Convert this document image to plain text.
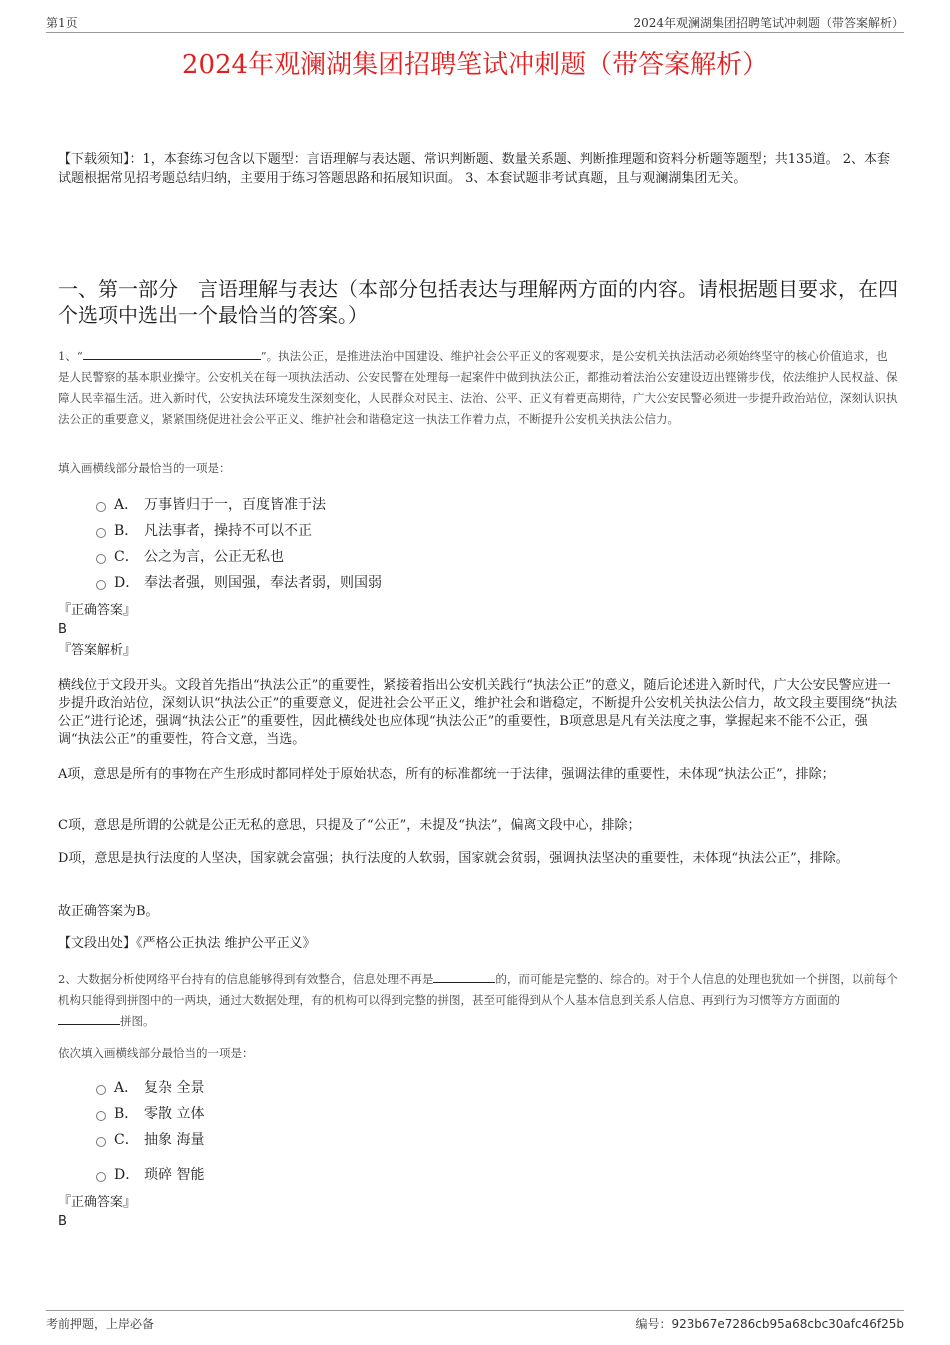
第1页	2024年观澜湖集团招聘笔试冲刺题（带答案解析）
2024年观澜湖集团招聘笔试冲刺题（带答案解析）
【下载须知】：1，本套练习包含以下题型：言语理解与表达题、常识判断题、数量关系题、判断推理题和资料分析题等题型；共135道。 2、本套试题根据常见招考题总结归纳，主要用于练习答题思路和拓展知识面。 3、本套试题非考试真题，且与观澜湖集团无关。
一、第一部分　言语理解与表达（本部分包括表达与理解两方面的内容。请根据题目要求，在四个选项中选出一个最恰当的答案。）
1、“	”。执法公正，是推进法治中国建设、维护社会公平正义的客观要求，是公安机关执法活动必须始终坚守的核心价值追求，也是人民警察的基本职业操守。公安机关在每一项执法活动、公安民警在处理每一起案件中做到执法公正，都推动着法治公安建设迈出铿锵步伐，依法维护人民权益、保障人民幸福生活。进入新时代，公安执法环境发生深刻变化，人民群众对民主、法治、公平、正义有着更高期待，广大公安民警必须进一步提升政治站位，深刻认识执法公正的重要意义，紧紧围绕促进社会公平正义、维护社会和谐稳定这一执法工作着力点，不断提升公安机关执法公信力。
填入画横线部分最恰当的一项是：
A． 万事皆归于一，百度皆准于法
B． 凡法事者，操持不可以不正
C． 公之为言，公正无私也
D． 奉法者强，则国强，奉法者弱，则国弱
『正确答案』
B
『答案解析』
横线位于文段开头。文段首先指出“执法公正”的重要性，紧接着指出公安机关践行“执法公正”的意义，随后论述进入新时代，广大公安民警应进一步提升政治站位，深刻认识“执法公正”的重要意义，促进社会公平正义，维护社会和谐稳定，不断提升公安机关执法公信力，故文段主要围绕“执法公正”进行论述，强调“执法公正”的重要性，因此横线处也应体现“执法公正”的重要性，B项意思是凡有关法度之事，掌握起来不能不公正，强调“执法公正”的重要性，符合文意，当选。
A项，意思是所有的事物在产生形成时都同样处于原始状态，所有的标准都统一于法律，强调法律的重要性，未体现“执法公正”，排除；
C项，意思是所谓的公就是公正无私的意思，只提及了“公正”，未提及“执法”，偏离文段中心，排除；
D项，意思是执行法度的人坚决，国家就会富强；执行法度的人软弱，国家就会贫弱，强调执法坚决的重要性，未体现“执法公正”，排除。
故正确答案为B。
【文段出处】《严格公正执法 维护公平正义》
2、大数据分析使网络平台持有的信息能够得到有效整合，信息处理不再是	的，而可能是完整的、综合的。对于个人信息的处理也犹如一个拼图，以前每个机构只能得到拼图中的一两块，通过大数据处理，有的机构可以得到完整的拼图，甚至可能得到从个人基本信息到关系人信息、再到行为习惯等方方面面的拼图。
依次填入画横线部分最恰当的一项是：
A． 复杂 全景
B． 零散 立体
C． 抽象 海量
D． 琐碎 智能
『正确答案』
B
考前押题，上岸必备	编号：923b67e7286cb95a68cbc30afc46f25b
